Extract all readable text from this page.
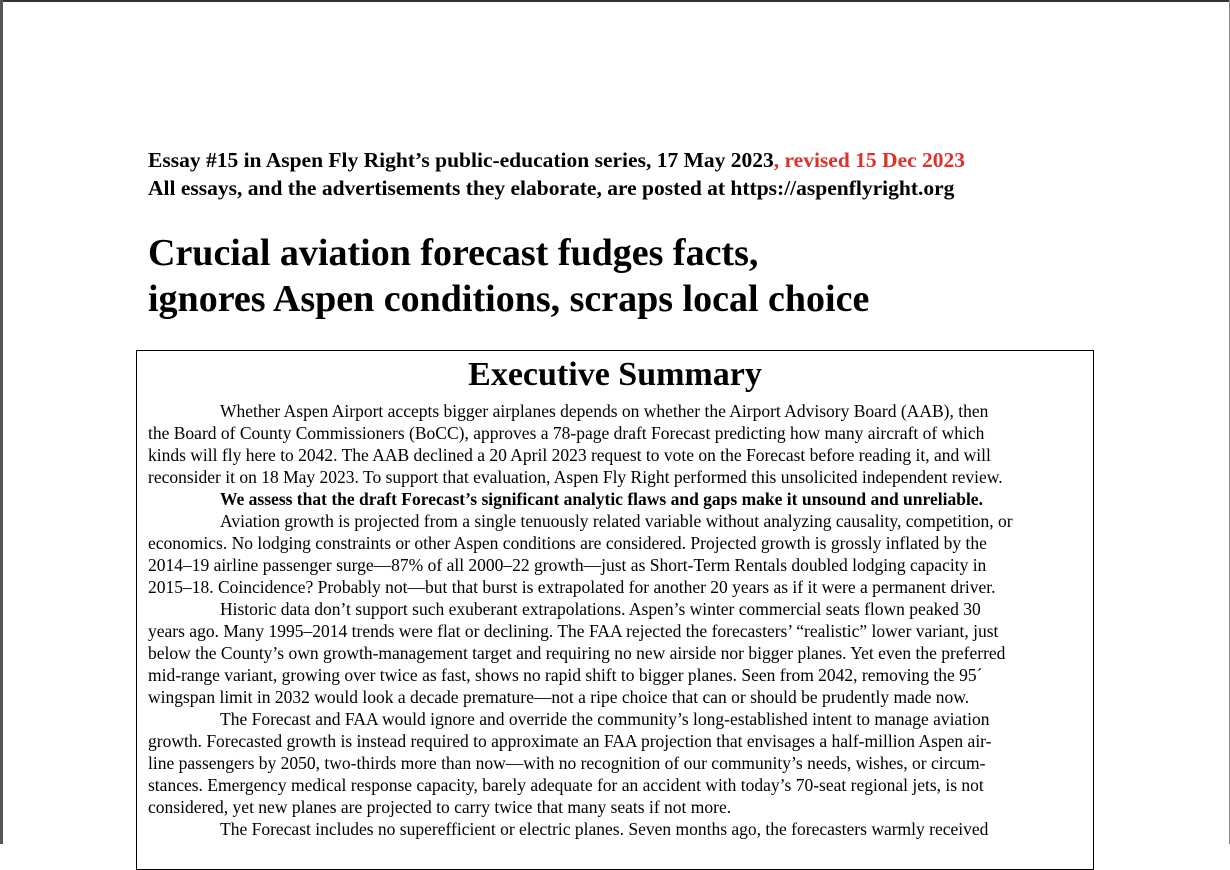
Essay #15 in Aspen Fly Right’s public-education series, 17 May 2023, revised 15 Dec 2023
All essays, and the advertisements they elaborate, are posted at https://aspenflyright.org
Crucial aviation forecast fudges facts,
ignores Aspen conditions, scraps local choice
Executive Summary
Whether Aspen Airport accepts bigger airplanes depends on whether the Airport Advisory Board (AAB), then
the Board of County Commissioners (BoCC), approves a 78-page draft Forecast predicting how many aircraft of which
kinds will fly here to 2042. The AAB declined a 20 April 2023 request to vote on the Forecast before reading it, and will
reconsider it on 18 May 2023. To support that evaluation, Aspen Fly Right performed this unsolicited independent review.
We assess that the draft Forecast’s significant analytic flaws and gaps make it unsound and unreliable.
Aviation growth is projected from a single tenuously related variable without analyzing causality, competition, or
economics. No lodging constraints or other Aspen conditions are considered. Projected growth is grossly inflated by the
2014–19 airline passenger surge—87% of all 2000–22 growth—just as Short-Term Rentals doubled lodging capacity in
2015–18. Coincidence? Probably not—but that burst is extrapolated for another 20 years as if it were a permanent driver.
Historic data don’t support such exuberant extrapolations. Aspen’s winter commercial seats flown peaked 30
years ago. Many 1995–2014 trends were flat or declining. The FAA rejected the forecasters’ “realistic” lower variant, just
below the County’s own growth-management target and requiring no new airside nor bigger planes. Yet even the preferred
mid-range variant, growing over twice as fast, shows no rapid shift to bigger planes. Seen from 2042, removing the 95´
wingspan limit in 2032 would look a decade premature—not a ripe choice that can or should be prudently made now.
The Forecast and FAA would ignore and override the community’s long-established intent to manage aviation
growth. Forecasted growth is instead required to approximate an FAA projection that envisages a half-million Aspen air-
line passengers by 2050, two-thirds more than now—with no recognition of our community’s needs, wishes, or circum-
stances. Emergency medical response capacity, barely adequate for an accident with today’s 70-seat regional jets, is not
considered, yet new planes are projected to carry twice that many seats if not more.
The Forecast includes no superefficient or electric planes. Seven months ago, the forecasters warmly received
